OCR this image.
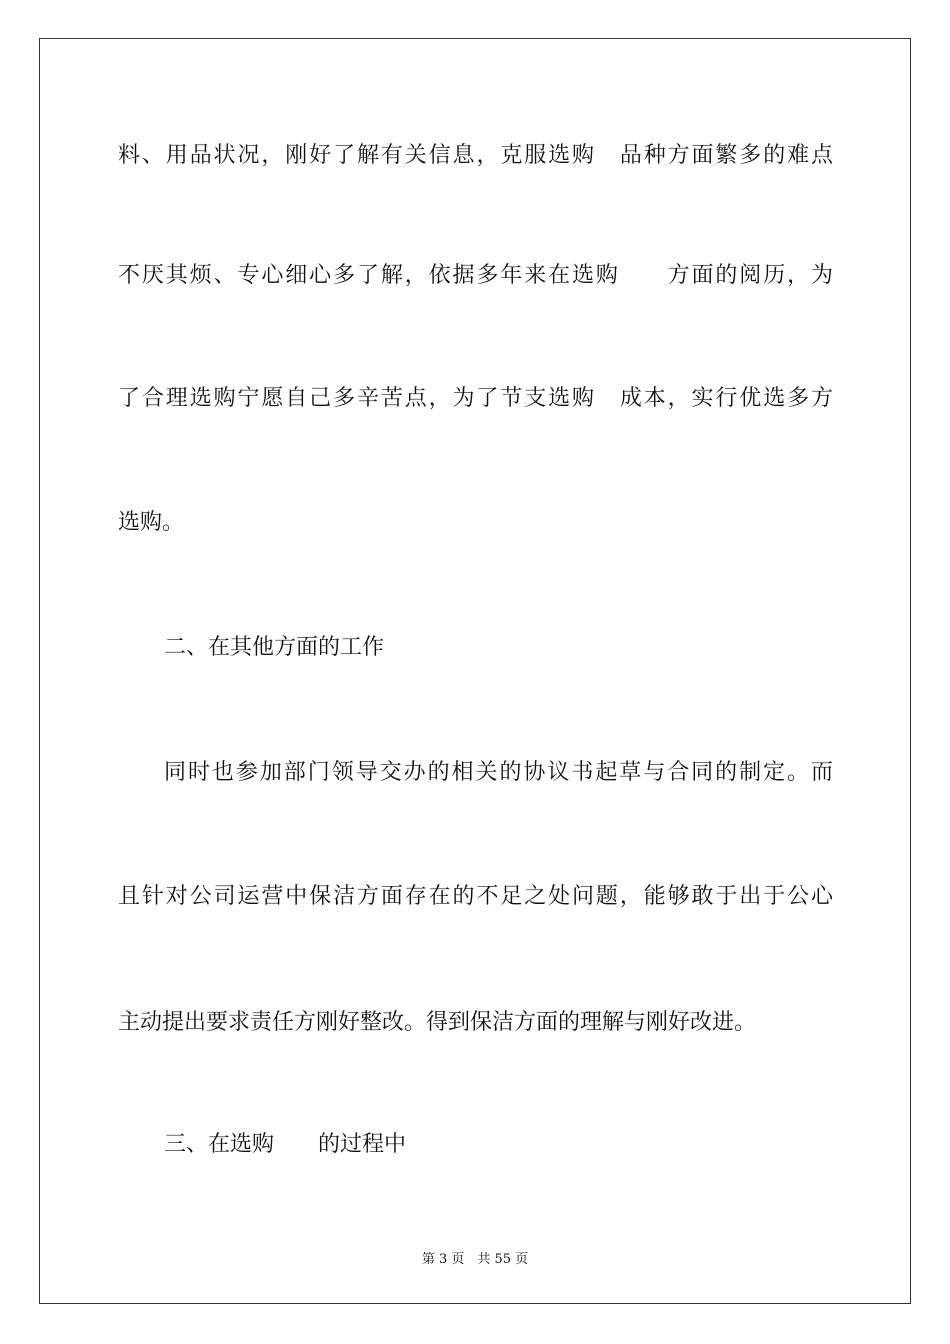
料、用品状况，刚好了解有关信息，克服选购　品种方面繁多的难点

不厌其烦、专心细心多了解，依据多年来在选购　　方面的阅历，为

了合理选购宁愿自己多辛苦点，为了节支选购　成本，实行优选多方

选购。

二、在其他方面的工作

同时也参加部门领导交办的相关的协议书起草与合同的制定。而

且针对公司运营中保洁方面存在的不足之处问题，能够敢于出于公心

主动提出要求责任方刚好整改。得到保洁方面的理解与刚好改进。

三、在选购　　的过程中

第 3 页　共 55 页
